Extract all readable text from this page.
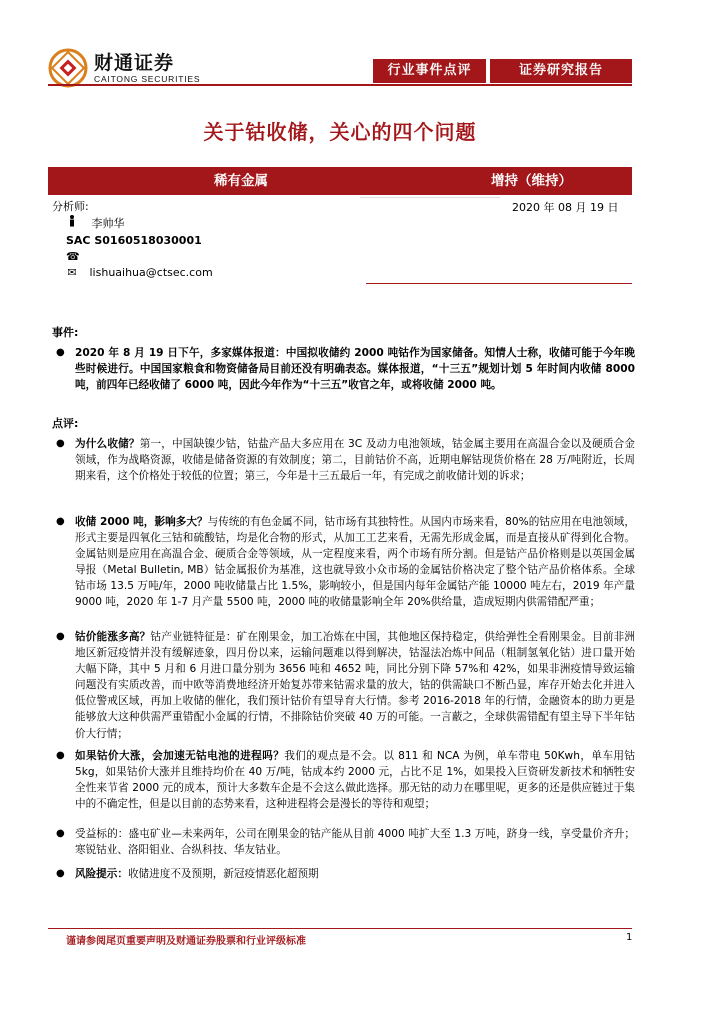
财通证券
CAITONG SECURITIES
行业事件点评	证券研究报告
关于钴收储，关心的四个问题
稀有金属	增持（维持）
分析师:
李帅华
SAC S0160518030001
☎
✉ lishuaihua@ctsec.com
2020 年 08 月 19 日
事件:
● 2020 年 8 月 19 日下午，多家媒体报道：中国拟收储约 2000 吨钴作为国家储备。知情人士称，收储可能于今年晚些时候进行。中国国家粮食和物资储备局目前还没有明确表态。媒体报道，“十三五”规划计划 5 年时间内收储 8000 吨，前四年已经收储了 6000 吨，因此今年作为“十三五”收官之年，或将收储 2000 吨。
点评:
● 为什么收储？第一，中国缺镍少钴，钴盐产品大多应用在 3C 及动力电池领域，钴金属主要用在高温合金以及硬质合金领域，作为战略资源，收储是储备资源的有效制度；第二，目前钴价不高，近期电解钴现货价格在 28 万/吨附近，长周期来看，这个价格处于较低的位置；第三，今年是十三五最后一年，有完成之前收储计划的诉求；
● 收储 2000 吨，影响多大？与传统的有色金属不同，钴市场有其独特性。从国内市场来看，80%的钴应用在电池领域，形式主要是四氧化三钴和硫酸钴，均是化合物的形式，从加工工艺来看，无需先形成金属，而是直接从矿得到化合物。金属钴则是应用在高温合金、硬质合金等领域，从一定程度来看，两个市场有所分割。但是钴产品价格则是以英国金属导报（Metal Bulletin, MB）钴金属报价为基准，这也就导致小众市场的金属钴价格决定了整个钴产品价格体系。全球钴市场 13.5 万吨/年，2000 吨收储量占比 1.5%，影响较小，但是国内每年金属钴产能 10000 吨左右，2019 年产量 9000 吨，2020 年 1-7 月产量 5500 吨，2000 吨的收储量影响全年 20%供给量，造成短期内供需错配严重；
● 钴价能涨多高？钴产业链特征是：矿在刚果金，加工冶炼在中国，其他地区保持稳定，供给弹性全看刚果金。目前非洲地区新冠疫情并没有缓解迹象，四月份以来，运输问题难以得到解决，钴湿法冶炼中间品（粗制氢氧化钴）进口量开始大幅下降，其中 5 月和 6 月进口量分别为 3656 吨和 4652 吨，同比分别下降 57%和 42%，如果非洲疫情导致运输问题没有实质改善，而中欧等消费地经济开始复苏带来钴需求量的放大，钴的供需缺口不断凸显，库存开始去化并进入低位警戒区域，再加上收储的催化，我们预计钴价有望导育大行情。参考 2016-2018 年的行情，金融资本的助力更是能够放大这种供需严重错配小金属的行情，不排除钴价突破 40 万的可能。一言蔽之，全球供需错配有望主导下半年钴价大行情；
● 如果钴价大涨，会加速无钴电池的进程吗？我们的观点是不会。以 811 和 NCA 为例，单车带电 50Kwh，单车用钴 5kg，如果钴价大涨并且维持均价在 40 万/吨，钴成本约 2000 元，占比不足 1%，如果投入巨资研发新技术和牺牲安全性来节省 2000 元的成本，预计大多数车企是不会这么做此选择。那无钴的动力在哪里呢，更多的还是供应链过于集中的不确定性，但是以目前的态势来看，这种进程将会是漫长的等待和观望；
● 受益标的：盛屯矿业—未来两年，公司在刚果金的钴产能从目前 4000 吨扩大至 1.3 万吨，跻身一线，享受量价齐升；寒锐钴业、洛阳钼业、合纵科技、华友钴业。
● 风险提示：收储进度不及预期，新冠疫情恶化超预期
谨请参阅尾页重要声明及财通证券股票和行业评级标准	1
